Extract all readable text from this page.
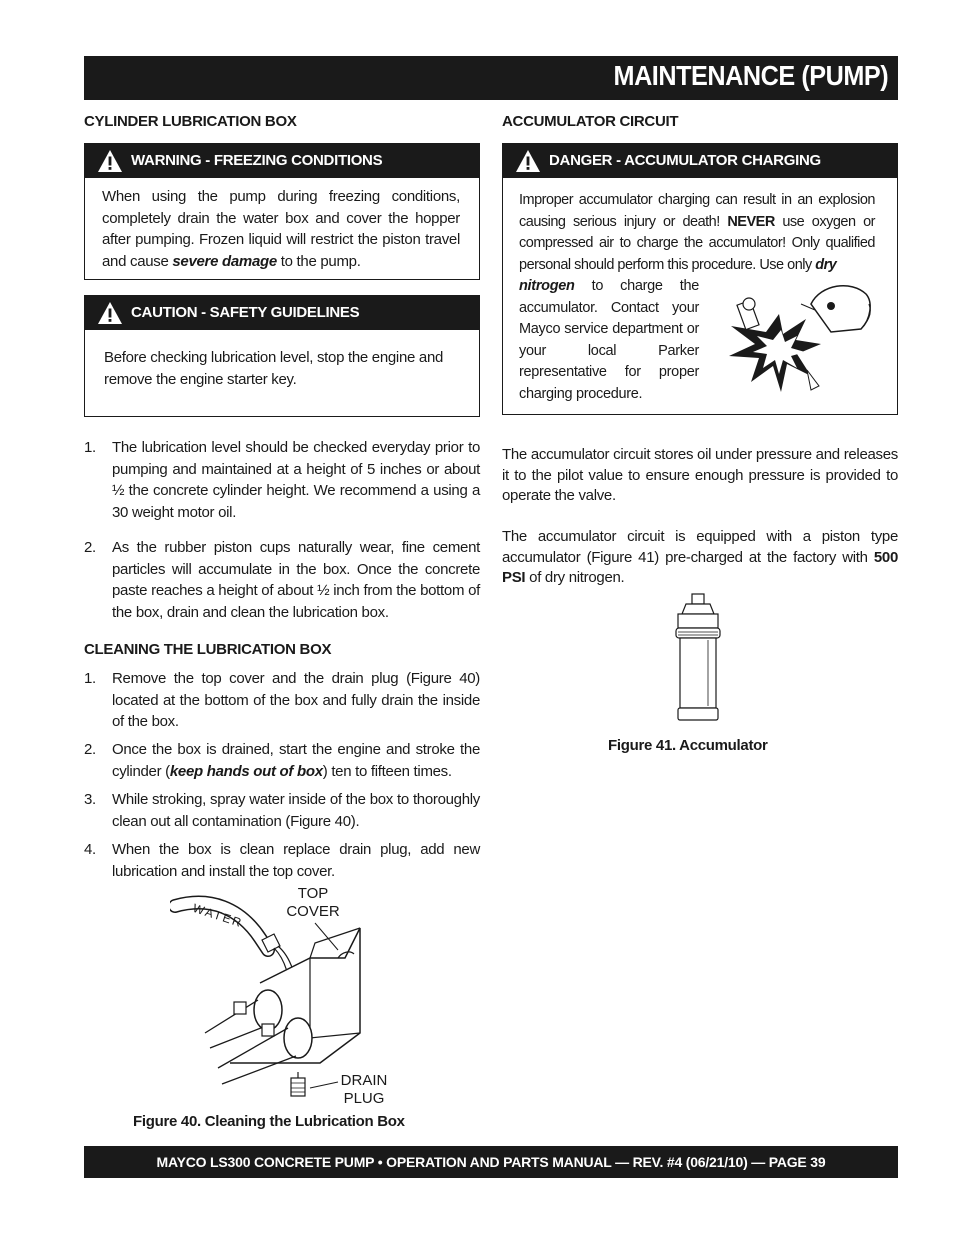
MAINTENANCE (PUMP)
CYLINDER LUBRICATION BOX
WARNING - FREEZING CONDITIONS
When using the pump during freezing conditions, completely drain the water box and cover the hopper after pumping. Frozen liquid will restrict the piston travel and cause severe damage to the pump.
CAUTION - SAFETY GUIDELINES
Before checking lubrication level, stop the engine and remove the engine starter key.
1.	The lubrication level should be checked everyday prior to pumping and maintained at a height of 5 inches or about ½ the concrete cylinder height. We recommend a using a 30 weight motor oil.
2.	As the rubber piston cups naturally wear, fine cement particles will accumulate in the box. Once the concrete paste reaches a height of about ½ inch from the bottom of the box, drain and clean the lubrication box.
CLEANING THE LUBRICATION BOX
1.	Remove the top cover and the drain plug (Figure 40) located at the bottom of the box and fully drain the inside of the box.
2.	Once the box is drained, start the engine and stroke the cylinder (keep hands out of box) ten to fifteen times.
3.	While stroking, spray water inside of the box to thoroughly clean out all contamination (Figure 40).
4.	When the box is clean replace drain plug, add new lubrication and install the top cover.
WATER
TOP
COVER
DRAIN
PLUG
Figure 40. Cleaning the Lubrication Box
ACCUMULATOR CIRCUIT
DANGER - ACCUMULATOR CHARGING
Improper accumulator charging can result in an explosion causing serious injury or death! NEVER use oxygen or compressed air to charge the accumulator! Only qualified personal should perform this procedure. Use only dry
nitrogen to charge the accumulator. Contact your Mayco service department or your local Parker representative for proper charging procedure.
The accumulator circuit stores oil under pressure and releases it to the pilot value to ensure enough pressure is provided to operate the valve.
The accumulator circuit is equipped with a piston type accumulator (Figure 41) pre-charged at the factory with 500 PSI of dry nitrogen.
Figure 41. Accumulator
MAYCO LS300 CONCRETE PUMP • OPERATION AND PARTS MANUAL — REV. #4 (06/21/10) — PAGE 39
